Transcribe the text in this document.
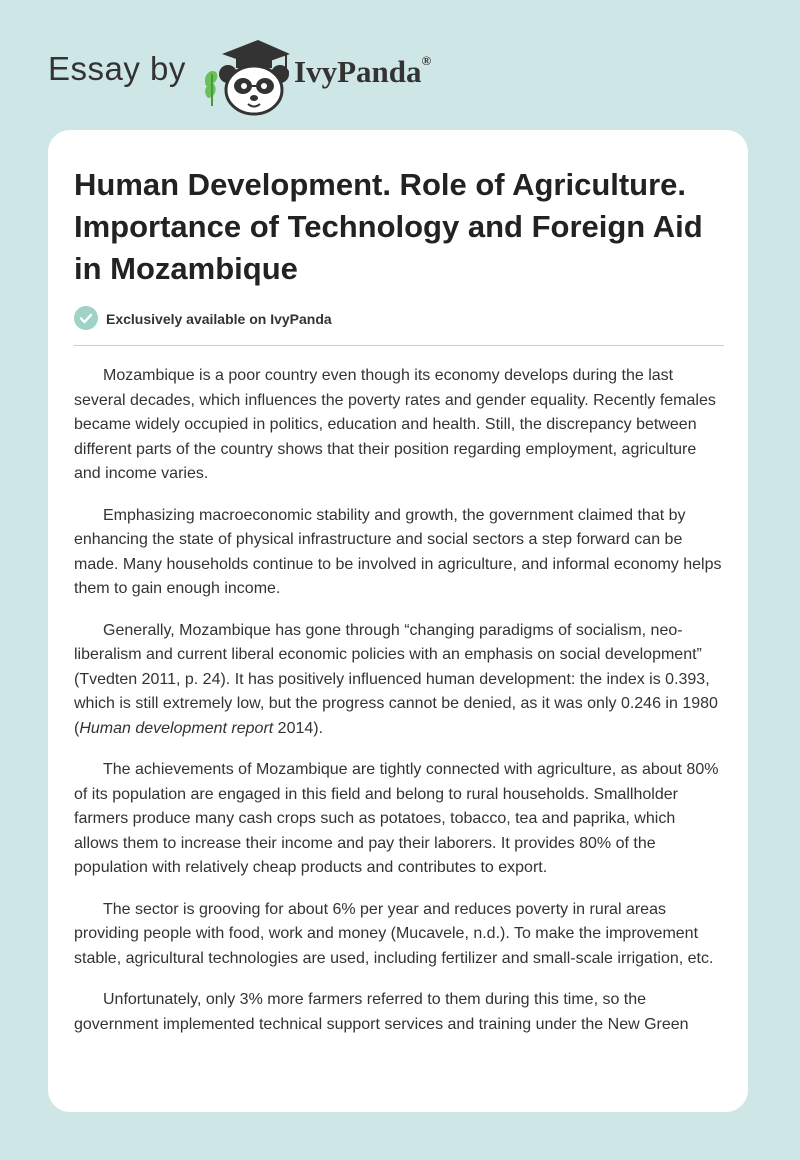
Essay by	IvyPanda®
Human Development. Role of Agriculture. Importance of Technology and Foreign Aid in Mozambique
Exclusively available on IvyPanda

Mozambique is a poor country even though its economy develops during the last several decades, which influences the poverty rates and gender equality. Recently females became widely occupied in politics, education and health. Still, the discrepancy between different parts of the country shows that their position regarding employment, agriculture and income varies.

Emphasizing macroeconomic stability and growth, the government claimed that by enhancing the state of physical infrastructure and social sectors a step forward can be made. Many households continue to be involved in agriculture, and informal economy helps them to gain enough income.

Generally, Mozambique has gone through “changing paradigms of socialism, neo-liberalism and current liberal economic policies with an emphasis on social development” (Tvedten 2011, p. 24). It has positively influenced human development: the index is 0.393, which is still extremely low, but the progress cannot be denied, as it was only 0.246 in 1980 (Human development report 2014).

The achievements of Mozambique are tightly connected with agriculture, as about 80% of its population are engaged in this field and belong to rural households. Smallholder farmers produce many cash crops such as potatoes, tobacco, tea and paprika, which allows them to increase their income and pay their laborers. It provides 80% of the population with relatively cheap products and contributes to export.

The sector is grooving for about 6% per year and reduces poverty in rural areas providing people with food, work and money (Mucavele, n.d.). To make the improvement stable, agricultural technologies are used, including fertilizer and small-scale irrigation, etc.

Unfortunately, only 3% more farmers referred to them during this time, so the government implemented technical support services and training under the New Green
